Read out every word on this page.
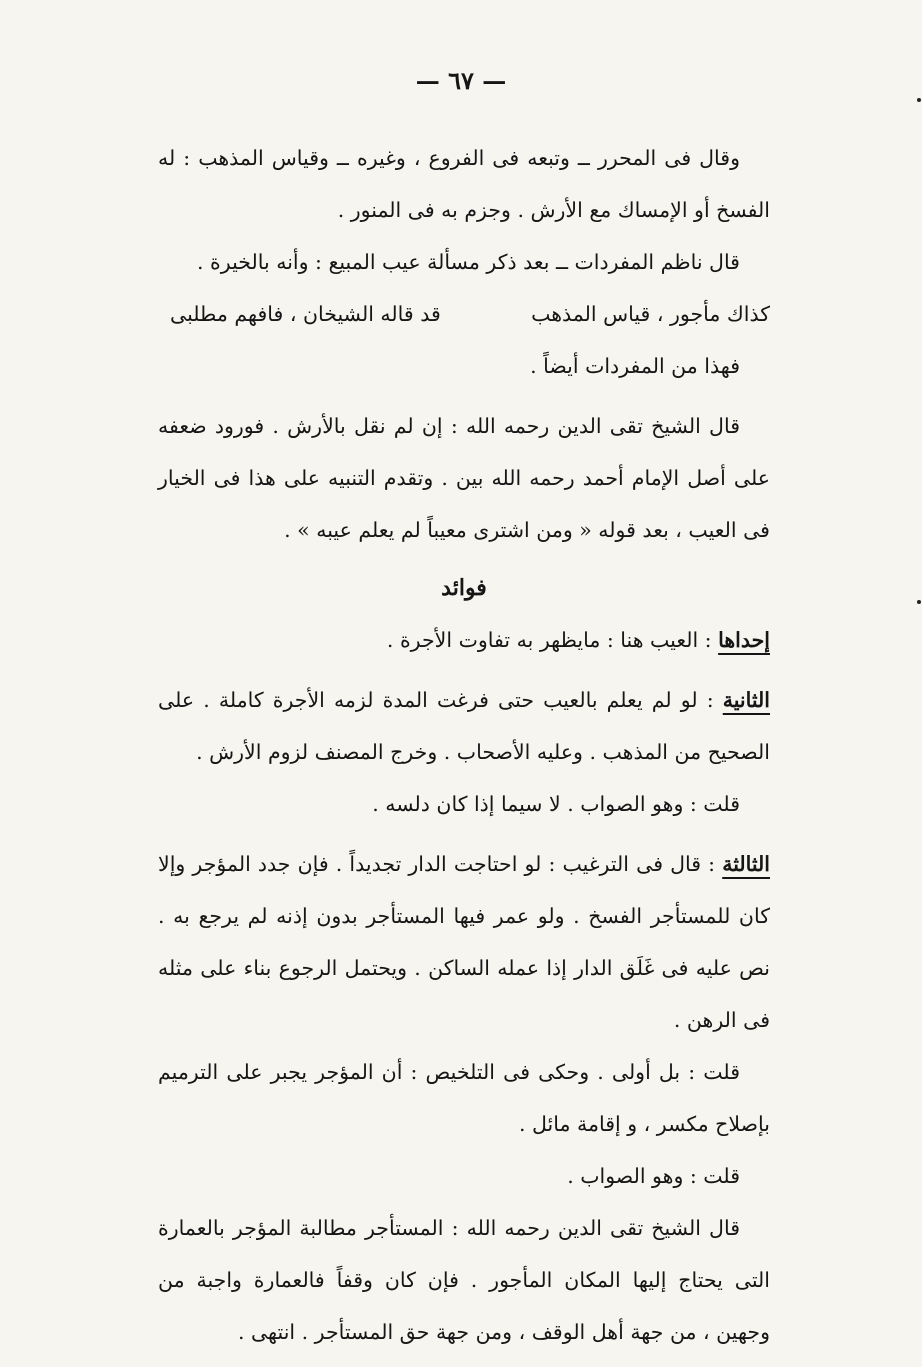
— ٦٧ —

وقال فى المحرر ــ وتبعه فى الفروع ، وغيره ــ وقياس المذهب : له الفسخ أو الإمساك مع الأرش . وجزم به فى المنور .

قال ناظم المفردات ــ بعد ذكر مسألة عيب المبيع : وأنه بالخيرة .

كذاك مأجور ، قياس المذهب
قد قاله الشيخان ، فافهم مطلبى

فهذا من المفردات أيضاً .

قال الشيخ تقى الدين رحمه الله : إن لم نقل بالأرش . فورود ضعفه على أصل الإمام أحمد رحمه الله بين . وتقدم التنبيه على هذا فى الخيار فى العيب ، بعد قوله « ومن اشترى معيباً لم يعلم عيبه » .

فوائد

إحداها : العيب هنا : مايظهر به تفاوت الأجرة .

الثانية : لو لم يعلم بالعيب حتى فرغت المدة لزمه الأجرة كاملة . على الصحيح من المذهب . وعليه الأصحاب . وخرج المصنف لزوم الأرش .

قلت : وهو الصواب . لا سيما إذا كان دلسه .

الثالثة : قال فى الترغيب : لو احتاجت الدار تجديداً . فإن جدد المؤجر وإلا كان للمستأجر الفسخ . ولو عمر فيها المستأجر بدون إذنه لم يرجع به . نص عليه فى غَلَق الدار إذا عمله الساكن . ويحتمل الرجوع بناء على مثله فى الرهن .

قلت : بل أولى . وحكى فى التلخيص : أن المؤجر يجبر على الترميم بإصلاح مكسر ، و إقامة مائل .

قلت : وهو الصواب .

قال الشيخ تقى الدين رحمه الله : المستأجر مطالبة المؤجر بالعمارة التى يحتاج إليها المكان المأجور . فإن كان وقفاً فالعمارة واجبة من وجهين ، من جهة أهل الوقف ، ومن جهة حق المستأجر . انتهى .
